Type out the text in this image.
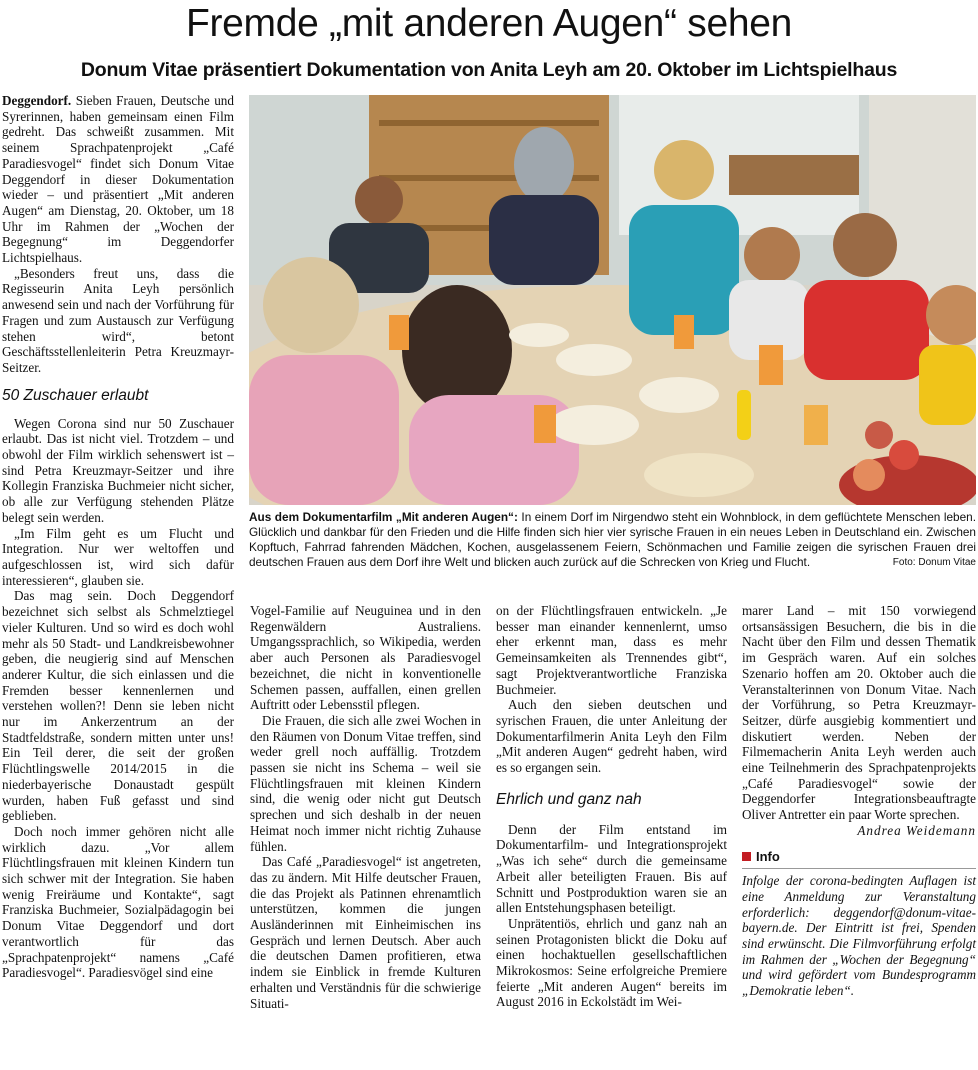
Fremde „mit anderen Augen“ sehen
Donum Vitae präsentiert Dokumentation von Anita Leyh am 20. Oktober im Lichtspielhaus

Deggendorf. Sieben Frauen, Deutsche und Syrerinnen, haben gemeinsam einen Film gedreht. Das schweißt zusammen. Mit seinem Sprachpatenprojekt „Café Paradiesvogel“ findet sich Donum Vitae Deggendorf in dieser Dokumentation wieder – und präsentiert „Mit anderen Augen“ am Dienstag, 20. Oktober, um 18 Uhr im Rahmen der „Wochen der Begegnung“ im Deggendorfer Lichtspielhaus.

„Besonders freut uns, dass die Regisseurin Anita Leyh persönlich anwesend sein und nach der Vorführung für Fragen und zum Austausch zur Verfügung stehen wird“, betont Geschäftsstellenleiterin Petra Kreuzmayr-Seitzer.

50 Zuschauer erlaubt

Wegen Corona sind nur 50 Zuschauer erlaubt. Das ist nicht viel. Trotzdem – und obwohl der Film wirklich sehenswert ist – sind Petra Kreuzmayr-Seitzer und ihre Kollegin Franziska Buchmeier nicht sicher, ob alle zur Verfügung stehenden Plätze belegt sein werden.

„Im Film geht es um Flucht und Integration. Nur wer weltoffen und aufgeschlossen ist, wird sich dafür interessieren“, glauben sie.

Das mag sein. Doch Deggendorf bezeichnet sich selbst als Schmelztiegel vieler Kulturen. Und so wird es doch wohl mehr als 50 Stadt- und Landkreisbewohner geben, die neugierig sind auf Menschen anderer Kultur, die sich einlassen und die Fremden besser kennenlernen und verstehen wollen?! Denn sie leben nicht nur im Ankerzentrum an der Stadtfeldstraße, sondern mitten unter uns! Ein Teil derer, die seit der großen Flüchtlingswelle 2014/2015 in die niederbayerische Donaustadt gespült wurden, haben Fuß gefasst und sind geblieben.

Doch noch immer gehören nicht alle wirklich dazu. „Vor allem Flüchtlingsfrauen mit kleinen Kindern tun sich schwer mit der Integration. Sie haben wenig Freiräume und Kontakte“, sagt Franziska Buchmeier, Sozialpädagogin bei Donum Vitae Deggendorf und dort verantwortlich für das „Sprachpatenprojekt“ namens „Café Paradiesvogel“. Paradiesvögel sind eine

Aus dem Dokumentarfilm „Mit anderen Augen“: In einem Dorf im Nirgendwo steht ein Wohnblock, in dem geflüchtete Menschen leben. Glücklich und dankbar für den Frieden und die Hilfe finden sich hier vier syrische Frauen in ein neues Leben in Deutschland ein. Zwischen Kopftuch, Fahrrad fahrenden Mädchen, Kochen, ausgelassenem Feiern, Schönmachen und Familie zeigen die syrischen Frauen drei deutschen Frauen aus dem Dorf ihre Welt und blicken auch zurück auf die Schrecken von Krieg und Flucht.	Foto: Donum Vitae

Vogel-Familie auf Neuguinea und in den Regenwäldern Australiens. Umgangssprachlich, so Wikipedia, werden aber auch Personen als Paradiesvogel bezeichnet, die nicht in konventionelle Schemen passen, auffallen, einen grellen Auftritt oder Lebensstil pflegen.

Die Frauen, die sich alle zwei Wochen in den Räumen von Donum Vitae treffen, sind weder grell noch auffällig. Trotzdem passen sie nicht ins Schema – weil sie Flüchtlingsfrauen mit kleinen Kindern sind, die wenig oder nicht gut Deutsch sprechen und sich deshalb in der neuen Heimat noch immer nicht richtig Zuhause fühlen.

Das Café „Paradiesvogel“ ist angetreten, das zu ändern. Mit Hilfe deutscher Frauen, die das Projekt als Patinnen ehrenamtlich unterstützen, kommen die jungen Ausländerinnen mit Einheimischen ins Gespräch und lernen Deutsch. Aber auch die deutschen Damen profitieren, etwa indem sie Einblick in fremde Kulturen erhalten und Verständnis für die schwierige Situati-

on der Flüchtlingsfrauen entwickeln. „Je besser man einander kennenlernt, umso eher erkennt man, dass es mehr Gemeinsamkeiten als Trennendes gibt“, sagt Projektverantwortliche Franziska Buchmeier.

Auch den sieben deutschen und syrischen Frauen, die unter Anleitung der Dokumentarfilmerin Anita Leyh den Film „Mit anderen Augen“ gedreht haben, wird es so ergangen sein.

Ehrlich und ganz nah

Denn der Film entstand im Dokumentarfilm- und Integrationsprojekt „Was ich sehe“ durch die gemeinsame Arbeit aller beteiligten Frauen. Bis auf Schnitt und Postproduktion waren sie an allen Entstehungsphasen beteiligt.

Unprätentiös, ehrlich und ganz nah an seinen Protagonisten blickt die Doku auf einen hochaktuellen gesellschaftlichen Mikrokosmos: Seine erfolgreiche Premiere feierte „Mit anderen Augen“ bereits im August 2016 in Eckolstädt im Wei-

marer Land – mit 150 vorwiegend ortsansässigen Besuchern, die bis in die Nacht über den Film und dessen Thematik im Gespräch waren. Auf ein solches Szenario hoffen am 20. Oktober auch die Veranstalterinnen von Donum Vitae. Nach der Vorführung, so Petra Kreuzmayr-Seitzer, dürfe ausgiebig kommentiert und diskutiert werden. Neben der Filmemacherin Anita Leyh werden auch eine Teilnehmerin des Sprachpatenprojekts „Café Paradiesvogel“ sowie der Deggendorfer Integrationsbeauftragte Oliver Antretter ein paar Worte sprechen.

Andrea Weidemann
Info
Infolge der corona-bedingten Auflagen ist eine Anmeldung zur Veranstaltung erforderlich: deggendorf@donum-vitae-bayern.de. Der Eintritt ist frei, Spenden sind erwünscht. Die Filmvorführung erfolgt im Rahmen der „Wochen der Begegnung“ und wird gefördert vom Bundesprogramm „Demokratie leben“.
